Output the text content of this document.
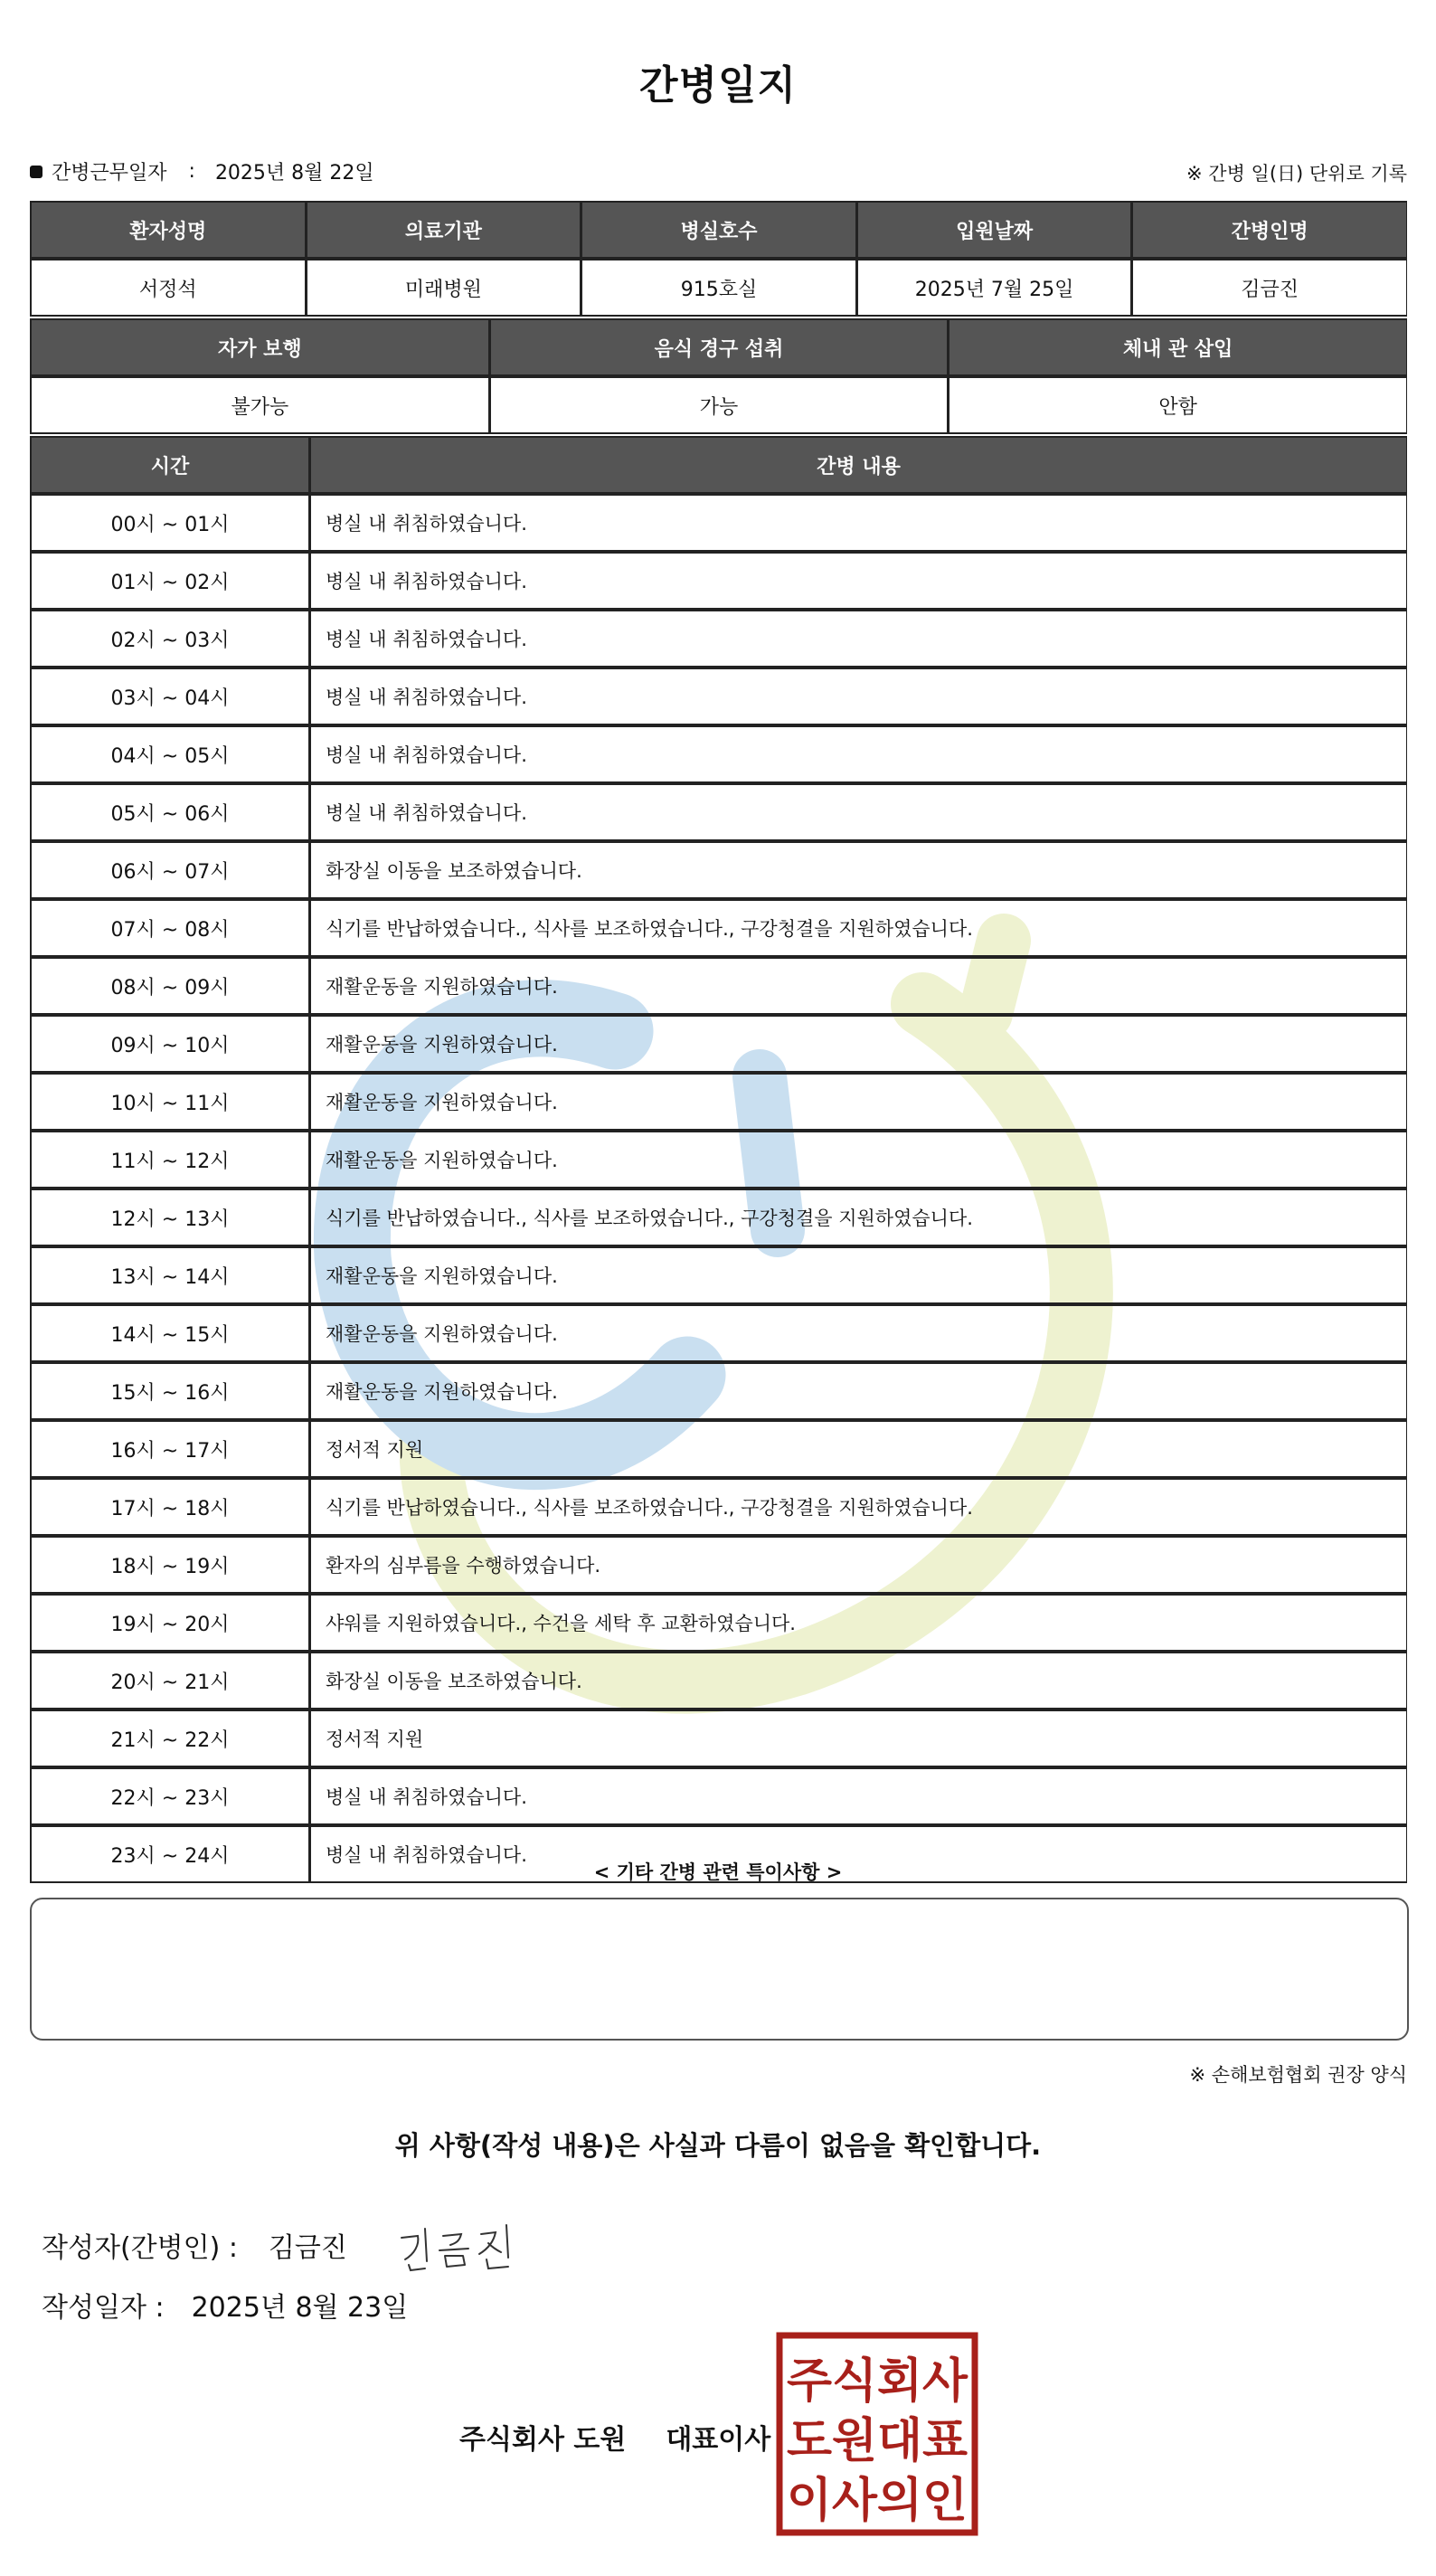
간병일지
간병근무일자 : 2025년 8월 22일	※ 간병 일(日) 단위로 기록
환자성명	의료기관	병실호수	입원날짜	간병인명
서정석	미래병원	915호실	2025년 7월 25일	김금진
자가 보행	음식 경구 섭취	체내 관 삽입
불가능	가능	안함
시간	간병 내용
00시 ~ 01시	병실 내 취침하였습니다.
01시 ~ 02시	병실 내 취침하였습니다.
02시 ~ 03시	병실 내 취침하였습니다.
03시 ~ 04시	병실 내 취침하였습니다.
04시 ~ 05시	병실 내 취침하였습니다.
05시 ~ 06시	병실 내 취침하였습니다.
06시 ~ 07시	화장실 이동을 보조하였습니다.
07시 ~ 08시	식기를 반납하였습니다., 식사를 보조하였습니다., 구강청결을 지원하였습니다.
08시 ~ 09시	재활운동을 지원하였습니다.
09시 ~ 10시	재활운동을 지원하였습니다.
10시 ~ 11시	재활운동을 지원하였습니다.
11시 ~ 12시	재활운동을 지원하였습니다.
12시 ~ 13시	식기를 반납하였습니다., 식사를 보조하였습니다., 구강청결을 지원하였습니다.
13시 ~ 14시	재활운동을 지원하였습니다.
14시 ~ 15시	재활운동을 지원하였습니다.
15시 ~ 16시	재활운동을 지원하였습니다.
16시 ~ 17시	정서적 지원
17시 ~ 18시	식기를 반납하였습니다., 식사를 보조하였습니다., 구강청결을 지원하였습니다.
18시 ~ 19시	환자의 심부름을 수행하였습니다.
19시 ~ 20시	샤워를 지원하였습니다., 수건을 세탁 후 교환하였습니다.
20시 ~ 21시	화장실 이동을 보조하였습니다.
21시 ~ 22시	정서적 지원
22시 ~ 23시	병실 내 취침하였습니다.
23시 ~ 24시	병실 내 취침하였습니다.
< 기타 간병 관련 특이사항 >
※ 손해보험협회 권장 양식
위 사항(작성 내용)은 사실과 다름이 없음을 확인합니다.
작성자(간병인) : 김금진
작성일자 : 2025년 8월 23일
주식회사 도원 대표이사
주식회사
도원대표
이사의인
